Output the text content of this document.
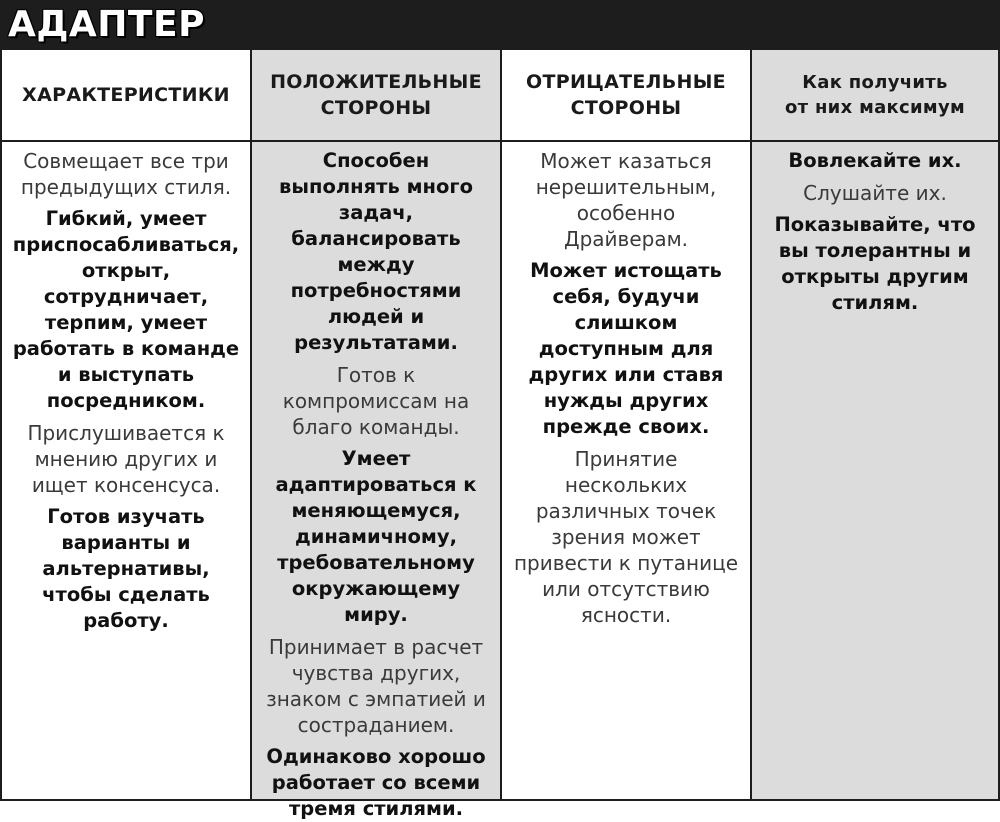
АДАПТЕР
ХАРАКТЕРИСТИКИ
ПОЛОЖИТЕЛЬНЫЕ
СТОРОНЫ
ОТРИЦАТЕЛЬНЫЕ
СТОРОНЫ
Как получить
от них максимум

Совмещает все три предыдущих стиля.

Гибкий, умеет приспосабливаться, открыт, сотрудничает, терпим, умеет работать в команде и выступать посредником.

Прислушивается к мнению других и ищет консенсуса.

Готов изучать варианты и альтернативы, чтобы сделать работу.

Способен выполнять много задач, балансировать между потребностями людей и результатами.

Готов к компромиссам на благо команды.

Умеет адаптироваться к меняющемуся, динамичному, требовательному окружающему миру.

Принимает в расчет чувства других, знаком с эмпатией и состраданием.

Одинаково хорошо работает со всеми тремя стилями.

Может казаться нерешительным, особенно Драйверам.

Может истощать себя, будучи слишком доступным для других или ставя нужды других прежде своих.

Принятие нескольких различных точек зрения может привести к путанице или отсутствию ясности.

Вовлекайте их.

Слушайте их.

Показывайте, что вы толерантны и открыты другим стилям.
